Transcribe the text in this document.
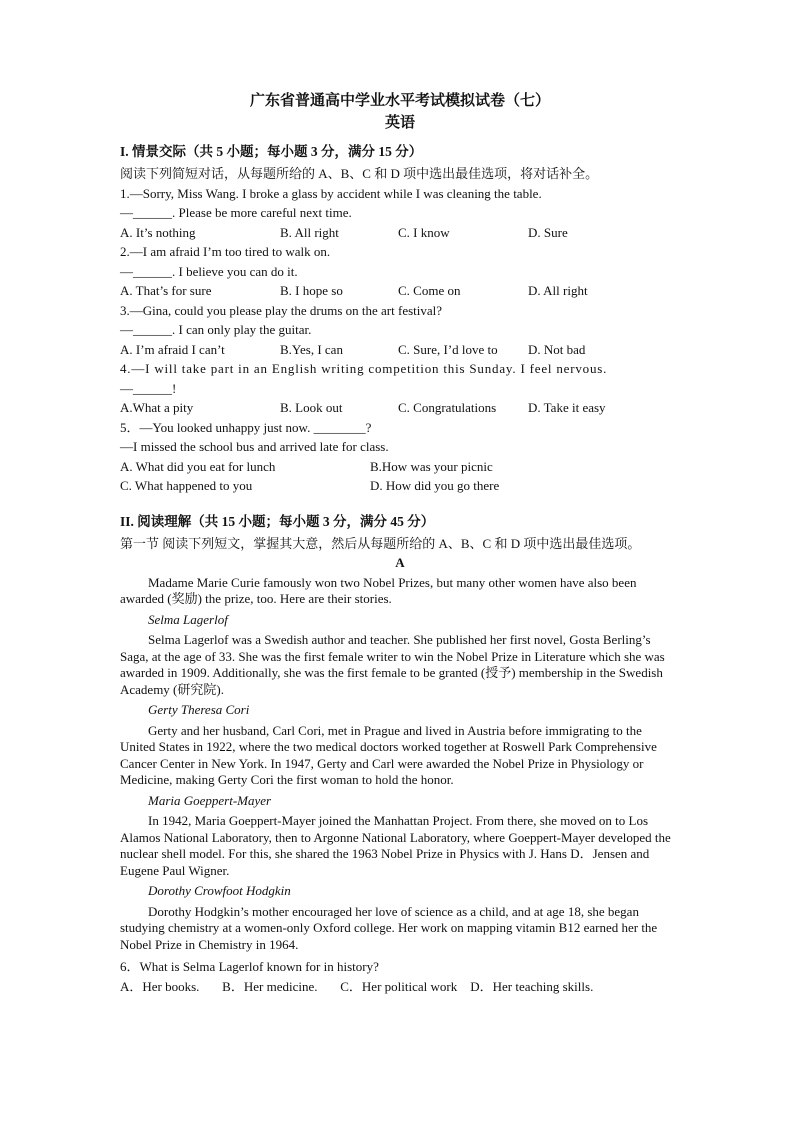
广东省普通高中学业水平考试模拟试卷（七）

英语

I. 情景交际（共 5 小题；每小题 3 分，满分 15 分）

阅读下列简短对话，从每题所给的 A、B、C 和 D 项中选出最佳选项，将对话补全。

1.—Sorry, Miss Wang. I broke a glass by accident while I was cleaning the table.

—______. Please be more careful next time.

A. It’s nothing	B. All right	C. I know	D. Sure

2.—I am afraid I’m too tired to walk on.

—______. I believe you can do it.

A. That’s for sure	B. I hope so	C. Come on	D. All right

3.—Gina, could you please play the drums on the art festival?

—______. I can only play the guitar.

A. I’m afraid I can’t	B.Yes, I can	C. Sure, I’d love to	D. Not bad

4.—I will take part in an English writing competition this Sunday. I feel nervous.

—______!

A.What a pity	B. Look out	C. Congratulations	D. Take it easy

5．—You looked unhappy just now. ________?

—I missed the school bus and arrived late for class.

A. What did you eat for lunch	B.How was your picnic
C. What happened to you	D. How did you go there

II. 阅读理解（共 15 小题；每小题 3 分，满分 45 分）

第一节 阅读下列短文，掌握其大意，然后从每题所给的 A、B、C 和 D 项中选出最佳选项。

A

Madame Marie Curie famously won two Nobel Prizes, but many other women have also been awarded (奖励) the prize, too. Here are their stories.

Selma Lagerlof

Selma Lagerlof was a Swedish author and teacher. She published her first novel, Gosta Berling’s Saga, at the age of 33. She was the first female writer to win the Nobel Prize in Literature which she was awarded in 1909. Additionally, she was the first female to be granted (授予) membership in the Swedish Academy (研究院).

Gerty Theresa Cori

Gerty and her husband, Carl Cori, met in Prague and lived in Austria before immigrating to the United States in 1922, where the two medical doctors worked together at Roswell Park Comprehensive Cancer Center in New York. In 1947, Gerty and Carl were awarded the Nobel Prize in Physiology or Medicine, making Gerty Cori the first woman to hold the honor.

Maria Goeppert-Mayer

In 1942, Maria Goeppert-Mayer joined the Manhattan Project. From there, she moved on to Los Alamos National Laboratory, then to Argonne National Laboratory, where Goeppert-Mayer developed the nuclear shell model. For this, she shared the 1963 Nobel Prize in Physics with J. Hans D．Jensen and Eugene Paul Wigner.

Dorothy Crowfoot Hodgkin

Dorothy Hodgkin’s mother encouraged her love of science as a child, and at age 18, she began studying chemistry at a women-only Oxford college. Her work on mapping vitamin B12 earned her the Nobel Prize in Chemistry in 1964.

6．What is Selma Lagerlof known for in history?

A．Her books.       B．Her medicine.       C．Her political work    D．Her teaching skills.
